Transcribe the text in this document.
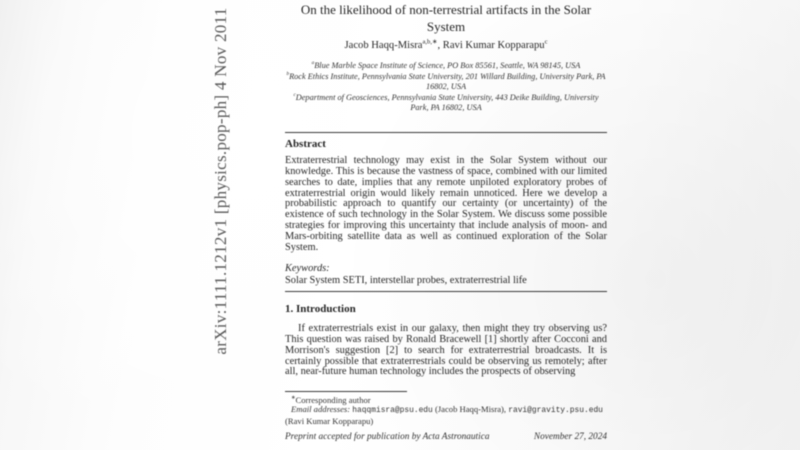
arXiv:1111.1212v1 [physics.pop-ph] 4 Nov 2011	On the likelihood of non-terrestrial artifacts in the Solar
System
Jacob Haqq-Misra$^{a,b,∗}$, Ravi Kumar Kopparapu$^c$
$^a$Blue Marble Space Institute of Science, PO Box 85561, Seattle, WA 98145, USA
$^b$Rock Ethics Institute, Pennsylvania State University, 201 Willard Building, University Park, PA 16802, USA
$^c$Department of Geosciences, Pennsylvania State University, 443 Deike Building, University Park, PA 16802, USA
Abstract
Extraterrestrial technology may exist in the Solar System without our knowledge. This is because the vastness of space, combined with our limited searches to date, implies that any remote unpiloted exploratory probes of extraterrestrial origin would likely remain unnoticed. Here we develop a probabilistic approach to quantify our certainty (or uncertainty) of the existence of such technology in the Solar System. We discuss some possible strategies for improving this uncertainty that include analysis of moon- and Mars-orbiting satellite data as well as continued exploration of the Solar System.
Keywords:
Solar System SETI, interstellar probes, extraterrestrial life
1. Introduction
If extraterrestrials exist in our galaxy, then might they try observing us? This question was raised by Ronald Bracewell [1] shortly after Cocconi and Morrison's suggestion [2] to search for extraterrestrial broadcasts. It is certainly possible that extraterrestrials could be observing us remotely; after all, near-future human technology includes the prospects of observing
∗Corresponding author
Email addresses: haqqmisra@psu.edu (Jacob Haqq-Misra), ravi@gravity.psu.edu (Ravi Kumar Kopparapu)
Preprint accepted for publication by Acta Astronautica	November 27, 2024
